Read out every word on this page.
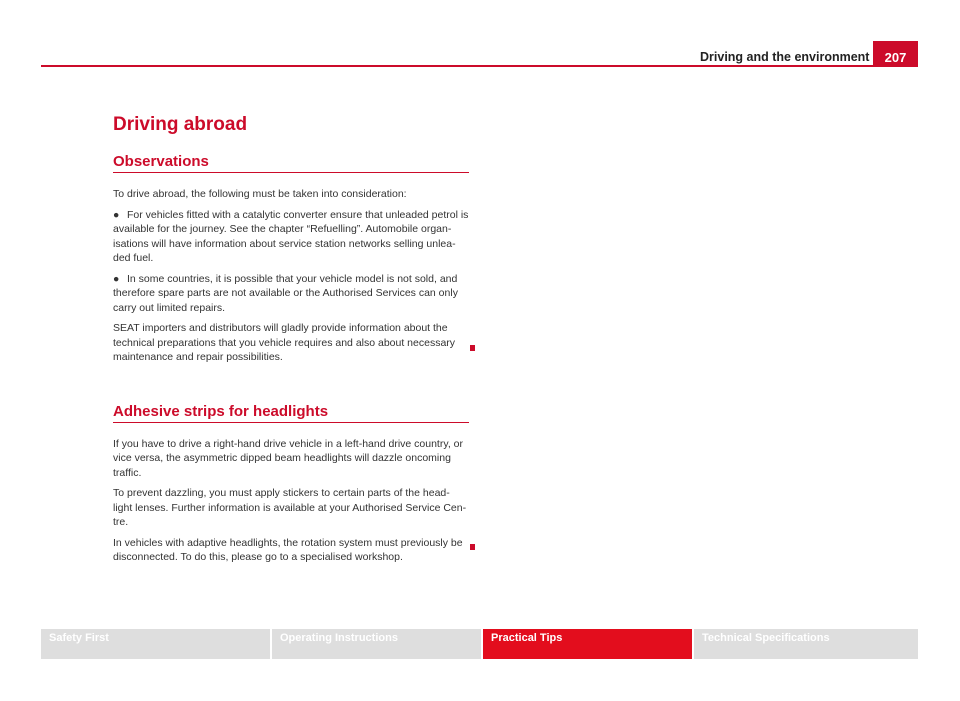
Driving and the environment	207
Driving abroad
Observations
To drive abroad, the following must be taken into consideration:
● For vehicles fitted with a catalytic converter ensure that unleaded petrol is available for the journey. See the chapter “Refuelling”. Automobile organ- isations will have information about service station networks selling unlea- ded fuel.
● In some countries, it is possible that your vehicle model is not sold, and therefore spare parts are not available or the Authorised Services can only carry out limited repairs.
SEAT importers and distributors will gladly provide information about the technical preparations that you vehicle requires and also about necessary maintenance and repair possibilities.
Adhesive strips for headlights
If you have to drive a right-hand drive vehicle in a left-hand drive country, or vice versa, the asymmetric dipped beam headlights will dazzle oncoming traffic.
To prevent dazzling, you must apply stickers to certain parts of the head- light lenses. Further information is available at your Authorised Service Cen- tre.
In vehicles with adaptive headlights, the rotation system must previously be disconnected. To do this, please go to a specialised workshop.
Safety First	Operating Instructions	Practical Tips	Technical Specifications
